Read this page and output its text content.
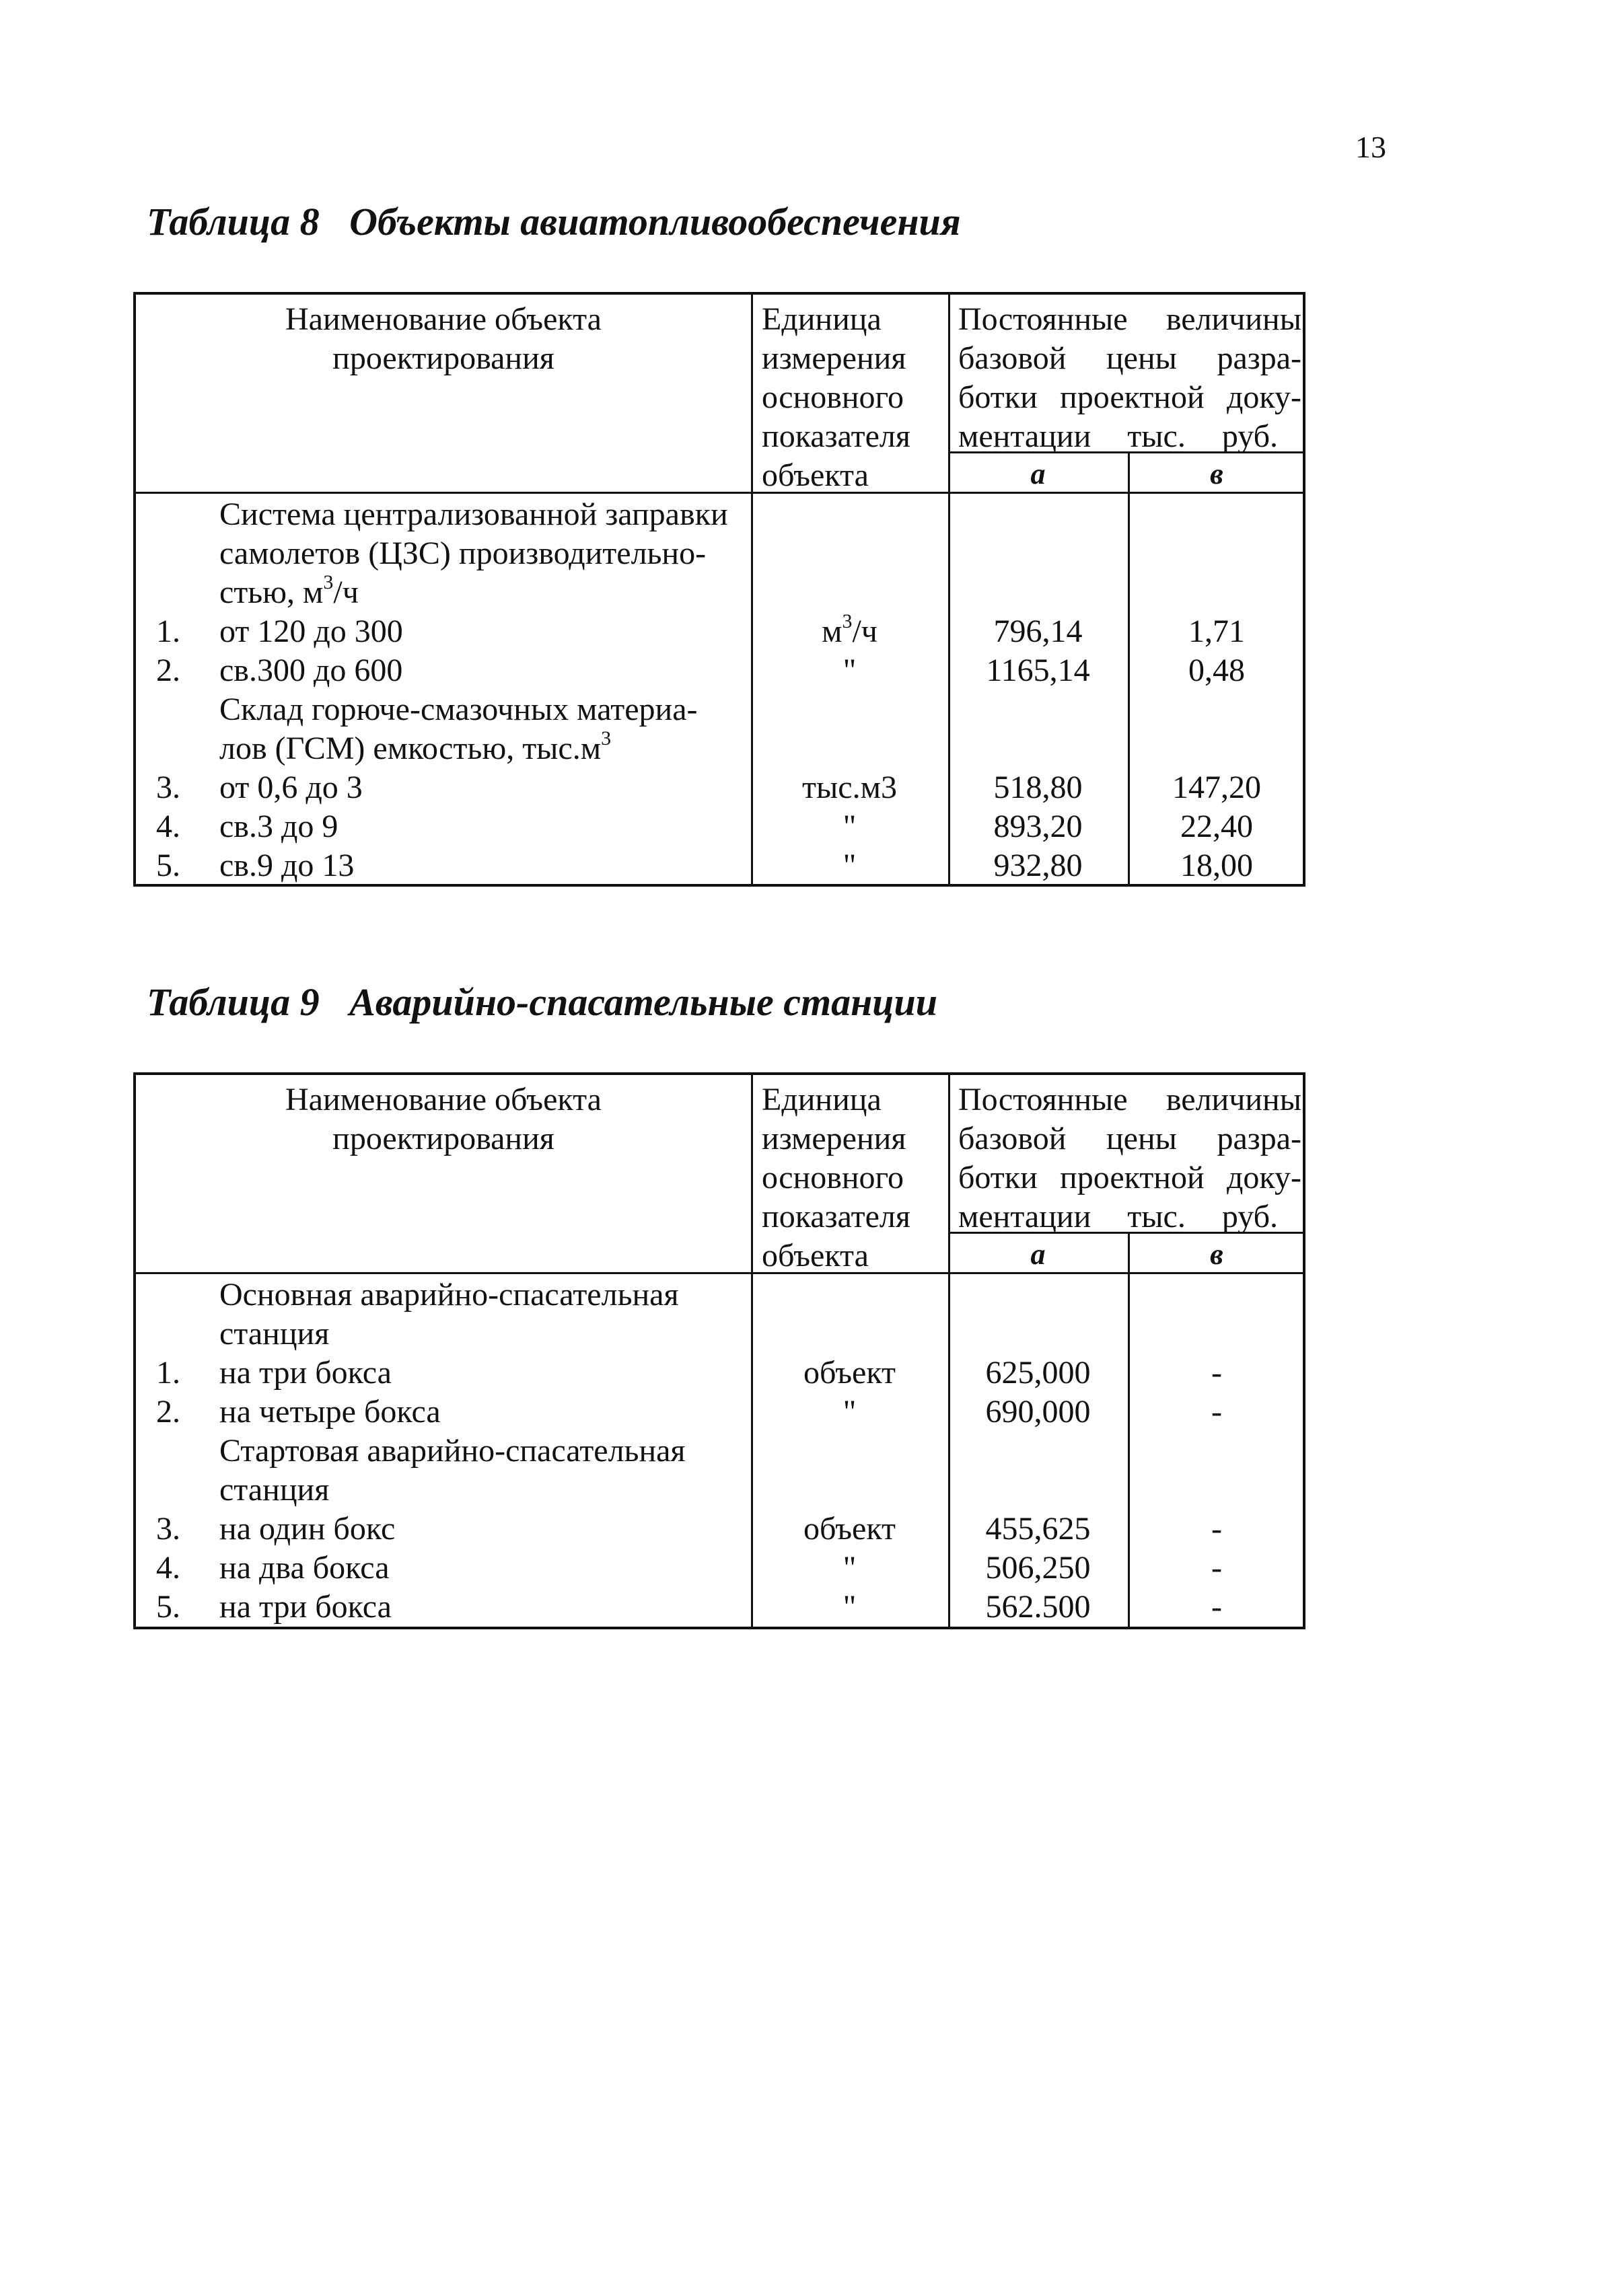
13
Таблица 8 Объекты авиатопливообеспечения
Наименование объекта
проектирования
Единица
измерения
основного
показателя
объекта
Постоянные величины
базовой цены разра-
ботки проектной доку-
ментации тыс. руб.
а	в
Система централизованной заправки
самолетов (ЦЗС) производительно-
стью, $м^3/ч$
1. от 120 до 300	$м^3/ч$	796,14	1,71
2. св.300 до 600	"	1165,14	0,48
Склад горюче-смазочных материа-
лов (ГСМ) емкостью, $тыс.м^3$
3. от 0,6 до 3	тыс.м3	518,80	147,20
4. св.3 до 9	"	893,20	22,40
5. св.9 до 13	"	932,80	18,00
Таблица 9 Аварийно-спасательные станции
Наименование объекта
проектирования
Единица
измерения
основного
показателя
объекта
Постоянные величины
базовой цены разра-
ботки проектной доку-
ментации тыс. руб.
а	в
Основная аварийно-спасательная
станция
1. на три бокса	объект	625,000	-
2. на четыре бокса	"	690,000	-
Стартовая аварийно-спасательная
станция
3. на один бокс	объект	455,625	-
4. на два бокса	"	506,250	-
5. на три бокса	"	562.500	-
